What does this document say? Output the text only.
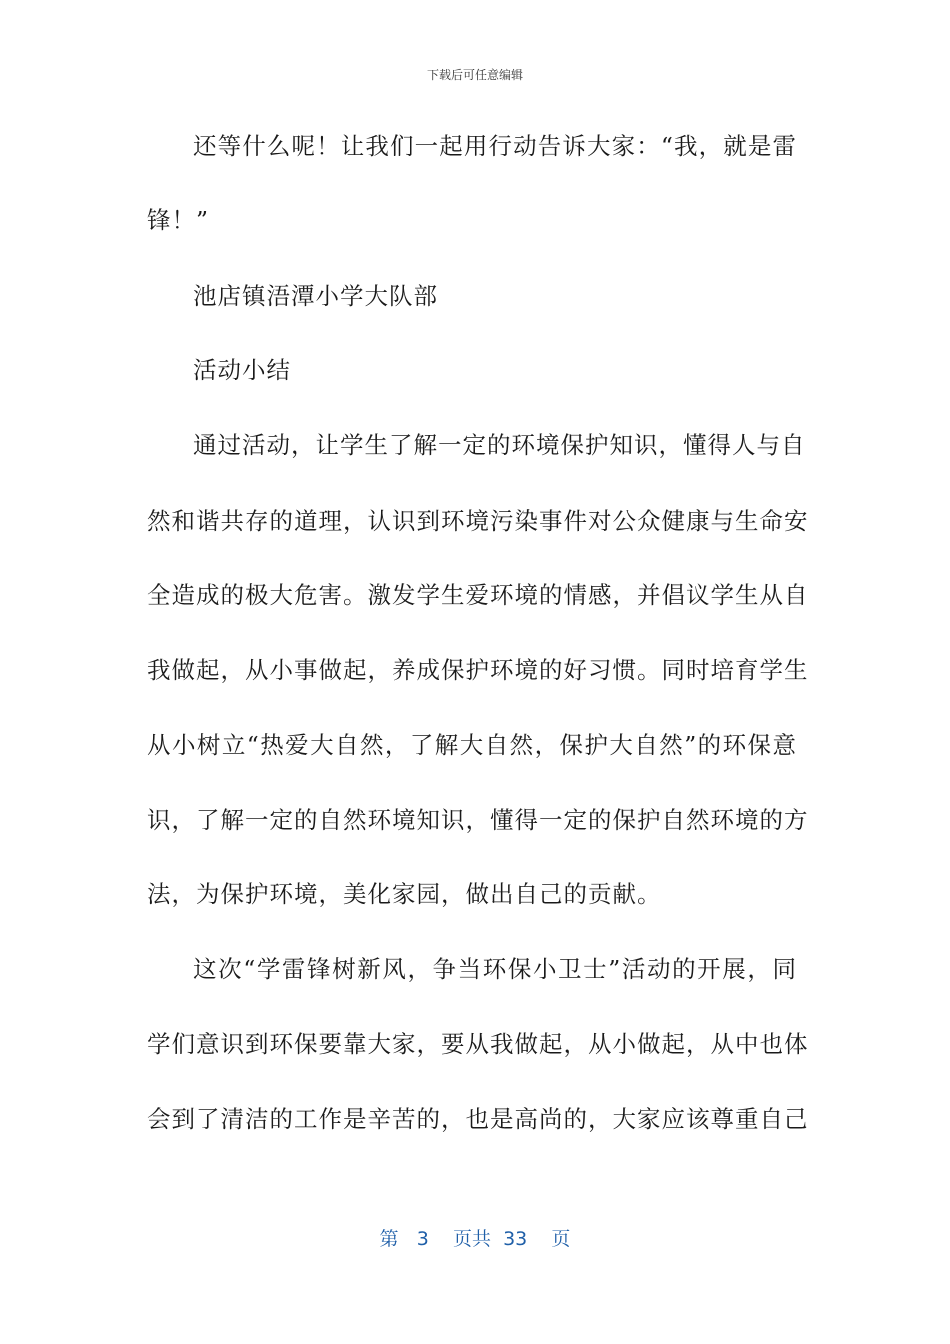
下载后可任意编辑
还等什么呢！让我们一起用行动告诉大家：“我，就是雷
锋！”
池店镇浯潭小学大队部
活动小结
通过活动，让学生了解一定的环境保护知识，懂得人与自
然和谐共存的道理，认识到环境污染事件对公众健康与生命安
全造成的极大危害。激发学生爱环境的情感，并倡议学生从自
我做起，从小事做起，养成保护环境的好习惯。同时培育学生
从小树立“热爱大自然，了解大自然，保护大自然”的环保意
识，了解一定的自然环境知识，懂得一定的保护自然环境的方
法，为保护环境，美化家园，做出自己的贡献。
这次“学雷锋树新风，争当环保小卫士”活动的开展，同
学们意识到环保要靠大家，要从我做起，从小做起，从中也体
会到了清洁的工作是辛苦的，也是高尚的，大家应该尊重自己
第 3 页共 33 页
